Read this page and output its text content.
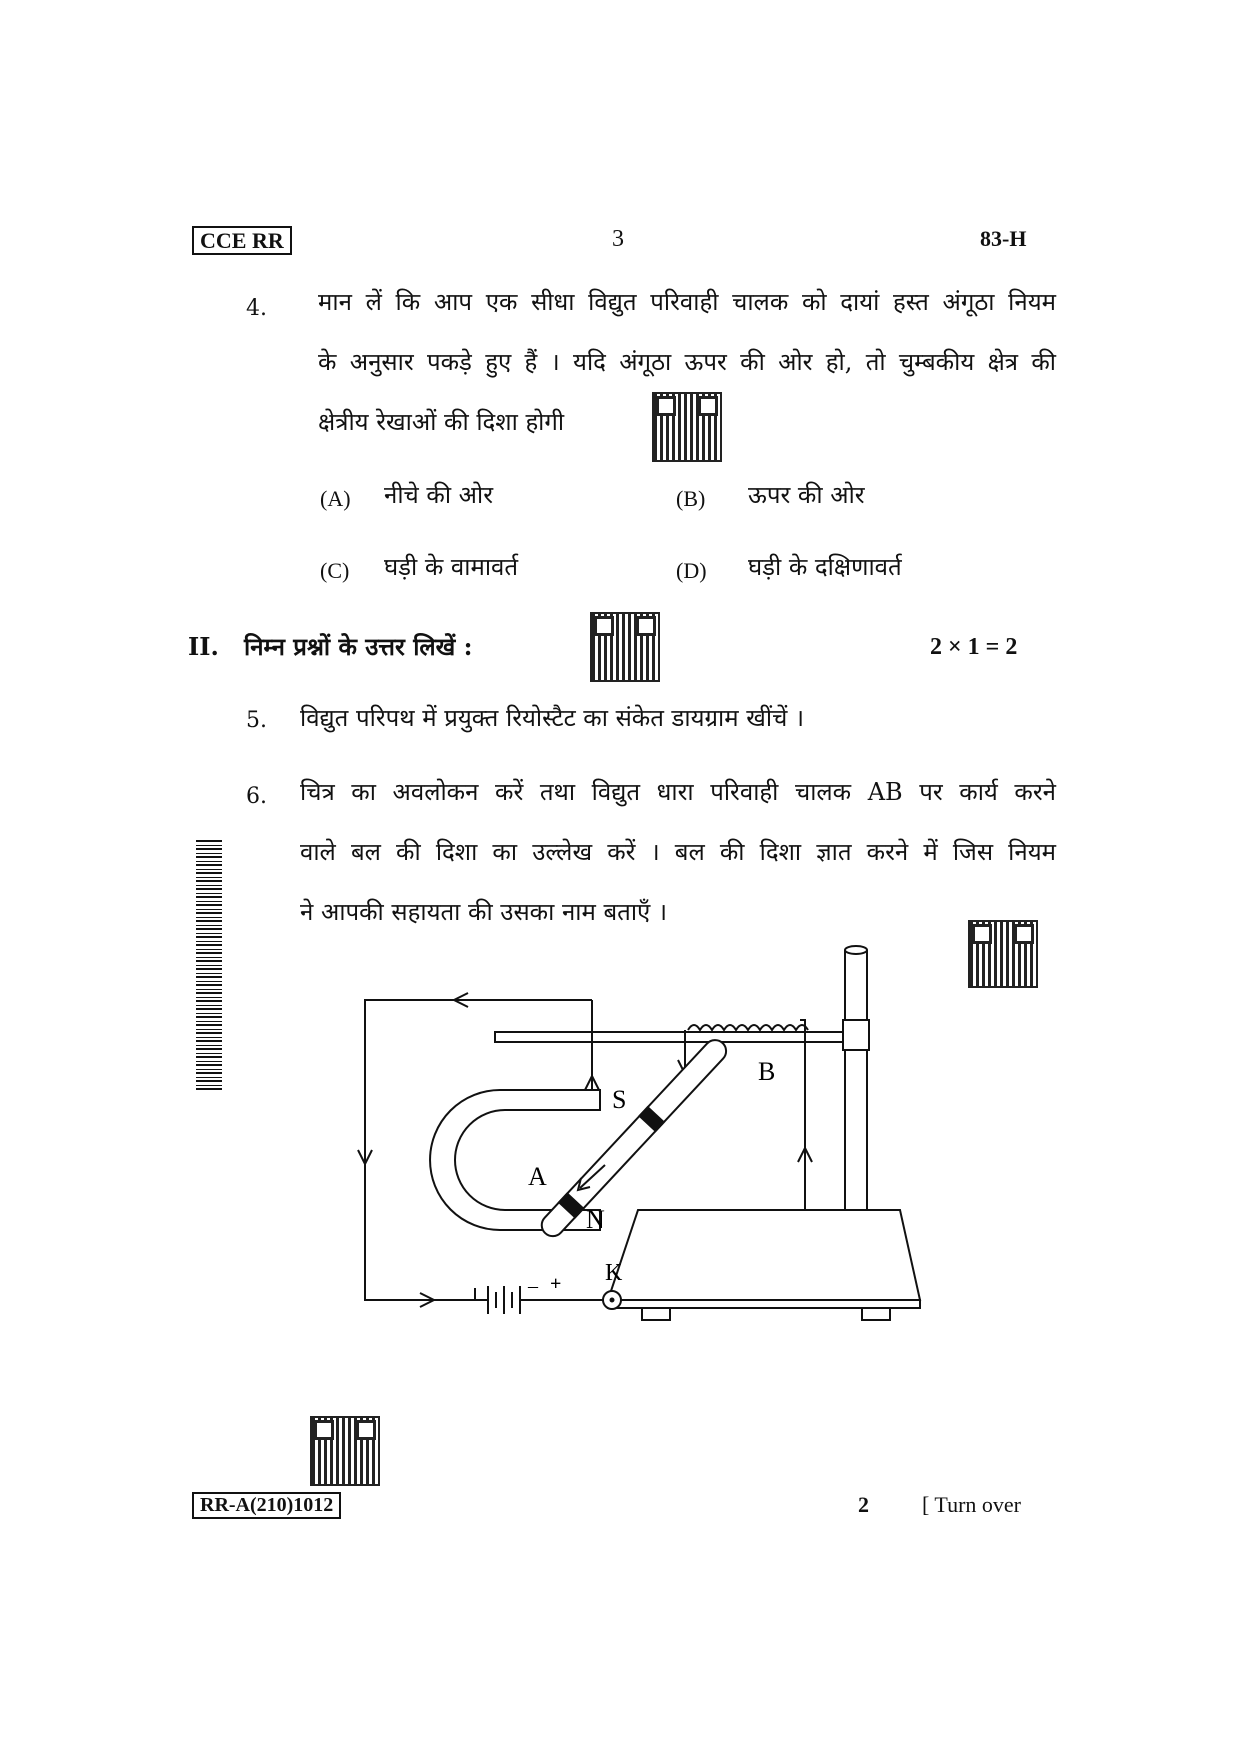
CCE RR	3	83-H
4. मान लें कि आप एक सीधा विद्युत परिवाही चालक को दायां हस्त अंगूठा नियम
के अनुसार पकड़े हुए हैं । यदि अंगूठा ऊपर की ओर हो, तो चुम्बकीय क्षेत्र की
क्षेत्रीय रेखाओं की दिशा होगी
(A) नीचे की ओर	(B) ऊपर की ओर
(C) घड़ी के वामावर्त	(D) घड़ी के दक्षिणावर्त
II. निम्न प्रश्नों के उत्तर लिखें :	2 × 1 = 2
5. विद्युत परिपथ में प्रयुक्त रियोस्टैट का संकेत डायग्राम खींचें ।
6. चित्र का अवलोकन करें तथा विद्युत धारा परिवाही चालक AB पर कार्य करने
वाले बल की दिशा का उल्लेख करें । बल की दिशा ज्ञात करने में जिस नियम
ने आपकी सहायता की उसका नाम बताएँ ।
– + K
A
B
S
N
RR-A(210)1012	2 [ Turn over
